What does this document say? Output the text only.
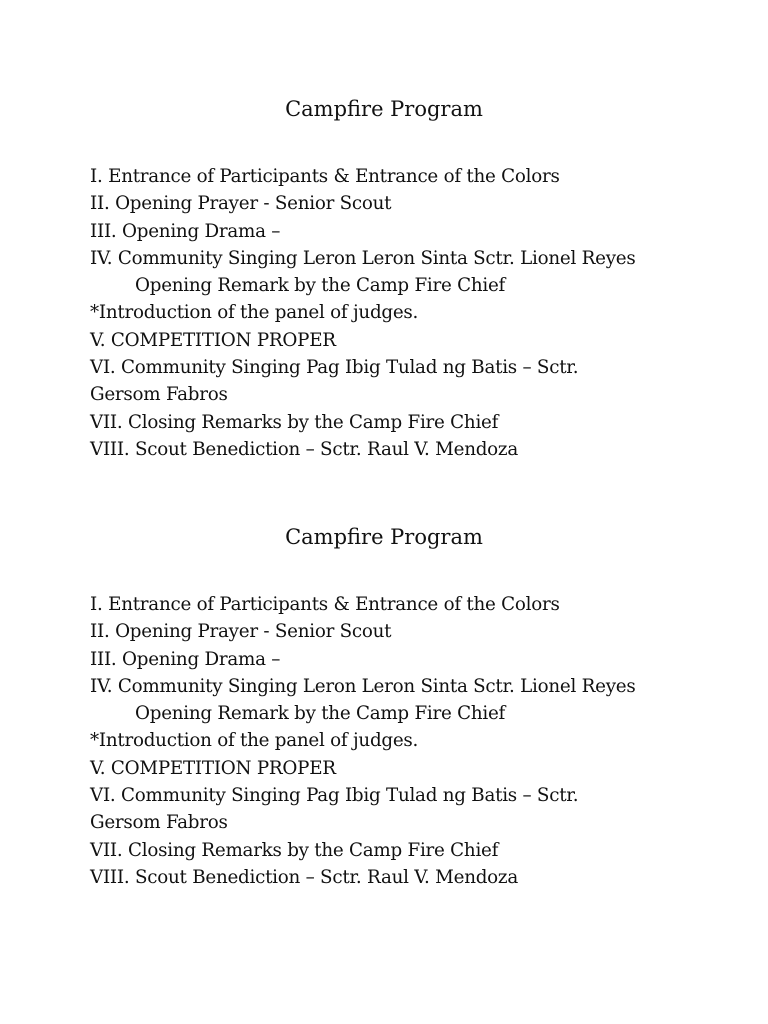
Campfire Program
I. Entrance of Participants & Entrance of the Colors
II. Opening Prayer - Senior Scout
III. Opening Drama –
IV. Community Singing Leron Leron Sinta Sctr. Lionel Reyes
Opening Remark by the Camp Fire Chief
*Introduction of the panel of judges.
V. COMPETITION PROPER
VI. Community Singing Pag Ibig Tulad ng Batis – Sctr.
Gersom Fabros
VII. Closing Remarks by the Camp Fire Chief
VIII. Scout Benediction – Sctr. Raul V. Mendoza
Campfire Program
I. Entrance of Participants & Entrance of the Colors
II. Opening Prayer - Senior Scout
III. Opening Drama –
IV. Community Singing Leron Leron Sinta Sctr. Lionel Reyes
Opening Remark by the Camp Fire Chief
*Introduction of the panel of judges.
V. COMPETITION PROPER
VI. Community Singing Pag Ibig Tulad ng Batis – Sctr.
Gersom Fabros
VII. Closing Remarks by the Camp Fire Chief
VIII. Scout Benediction – Sctr. Raul V. Mendoza
